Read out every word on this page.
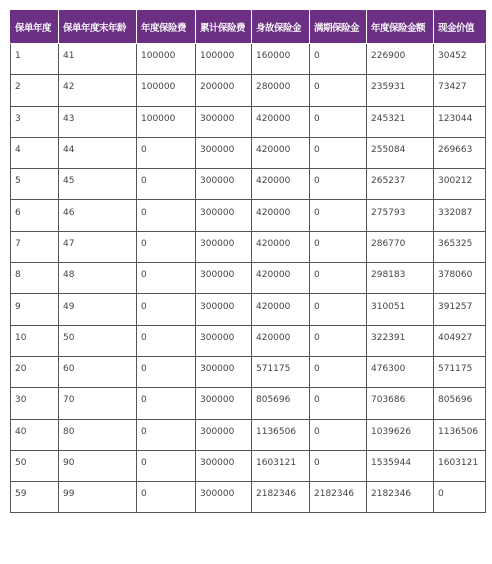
保单年度	保单年度末年龄	年度保险费	累计保险费	身故保险金	满期保险金	年度保险金额	现金价值
1	41	100000	100000	160000	0	226900	30452
2	42	100000	200000	280000	0	235931	73427
3	43	100000	300000	420000	0	245321	123044
4	44	0	300000	420000	0	255084	269663
5	45	0	300000	420000	0	265237	300212
6	46	0	300000	420000	0	275793	332087
7	47	0	300000	420000	0	286770	365325
8	48	0	300000	420000	0	298183	378060
9	49	0	300000	420000	0	310051	391257
10	50	0	300000	420000	0	322391	404927
20	60	0	300000	571175	0	476300	571175
30	70	0	300000	805696	0	703686	805696
40	80	0	300000	1136506	0	1039626	1136506
50	90	0	300000	1603121	0	1535944	1603121
59	99	0	300000	2182346	2182346	2182346	0
